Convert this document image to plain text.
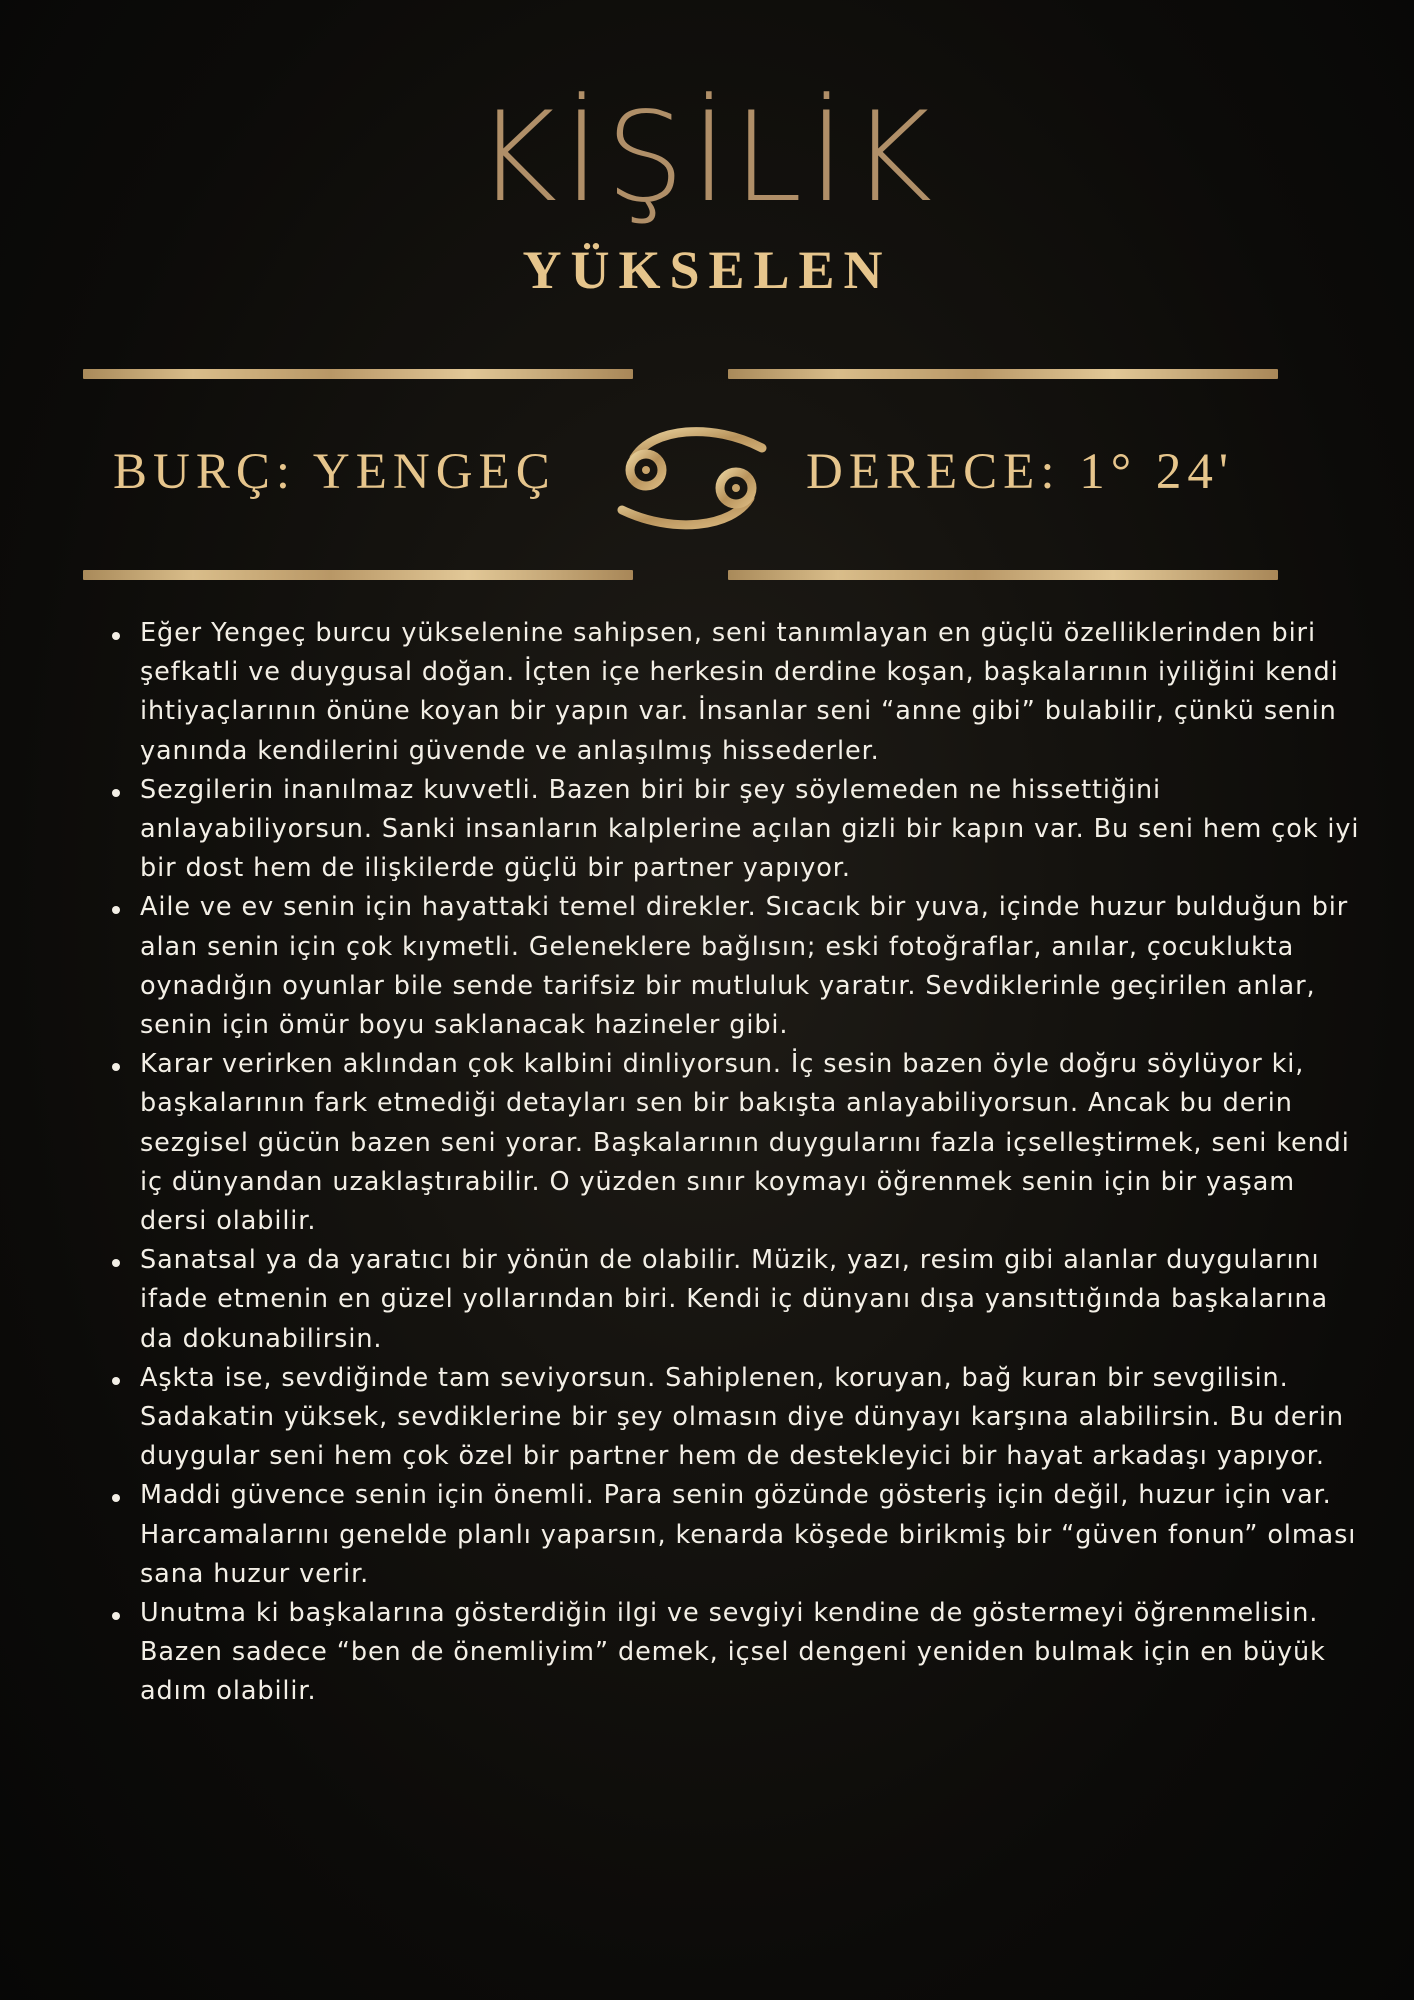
KİŞİLİK
YÜKSELEN
BURÇ: YENGEÇ	DERECE: 1° 24'
Eğer Yengeç burcu yükselenine sahipsen, seni tanımlayan en güçlü özelliklerinden biri şefkatli ve duygusal doğan. İçten içe herkesin derdine koşan, başkalarının iyiliğini kendi ihtiyaçlarının önüne koyan bir yapın var. İnsanlar seni “anne gibi” bulabilir, çünkü senin yanında kendilerini güvende ve anlaşılmış hissederler.
Sezgilerin inanılmaz kuvvetli. Bazen biri bir şey söylemeden ne hissettiğini anlayabiliyorsun. Sanki insanların kalplerine açılan gizli bir kapın var. Bu seni hem çok iyi bir dost hem de ilişkilerde güçlü bir partner yapıyor.
Aile ve ev senin için hayattaki temel direkler. Sıcacık bir yuva, içinde huzur bulduğun bir alan senin için çok kıymetli. Geleneklere bağlısın; eski fotoğraflar, anılar, çocuklukta oynadığın oyunlar bile sende tarifsiz bir mutluluk yaratır. Sevdiklerinle geçirilen anlar, senin için ömür boyu saklanacak hazineler gibi.
Karar verirken aklından çok kalbini dinliyorsun. İç sesin bazen öyle doğru söylüyor ki, başkalarının fark etmediği detayları sen bir bakışta anlayabiliyorsun. Ancak bu derin sezgisel gücün bazen seni yorar. Başkalarının duygularını fazla içselleştirmek, seni kendi iç dünyandan uzaklaştırabilir. O yüzden sınır koymayı öğrenmek senin için bir yaşam dersi olabilir.
Sanatsal ya da yaratıcı bir yönün de olabilir. Müzik, yazı, resim gibi alanlar duygularını ifade etmenin en güzel yollarından biri. Kendi iç dünyanı dışa yansıttığında başkalarına da dokunabilirsin.
Aşkta ise, sevdiğinde tam seviyorsun. Sahiplenen, koruyan, bağ kuran bir sevgilisin. Sadakatin yüksek, sevdiklerine bir şey olmasın diye dünyayı karşına alabilirsin. Bu derin duygular seni hem çok özel bir partner hem de destekleyici bir hayat arkadaşı yapıyor.
Maddi güvence senin için önemli. Para senin gözünde gösteriş için değil, huzur için var. Harcamalarını genelde planlı yaparsın, kenarda köşede birikmiş bir “güven fonun” olması sana huzur verir.
Unutma ki başkalarına gösterdiğin ilgi ve sevgiyi kendine de göstermeyi öğrenmelisin. Bazen sadece “ben de önemliyim” demek, içsel dengeni yeniden bulmak için en büyük adım olabilir.
